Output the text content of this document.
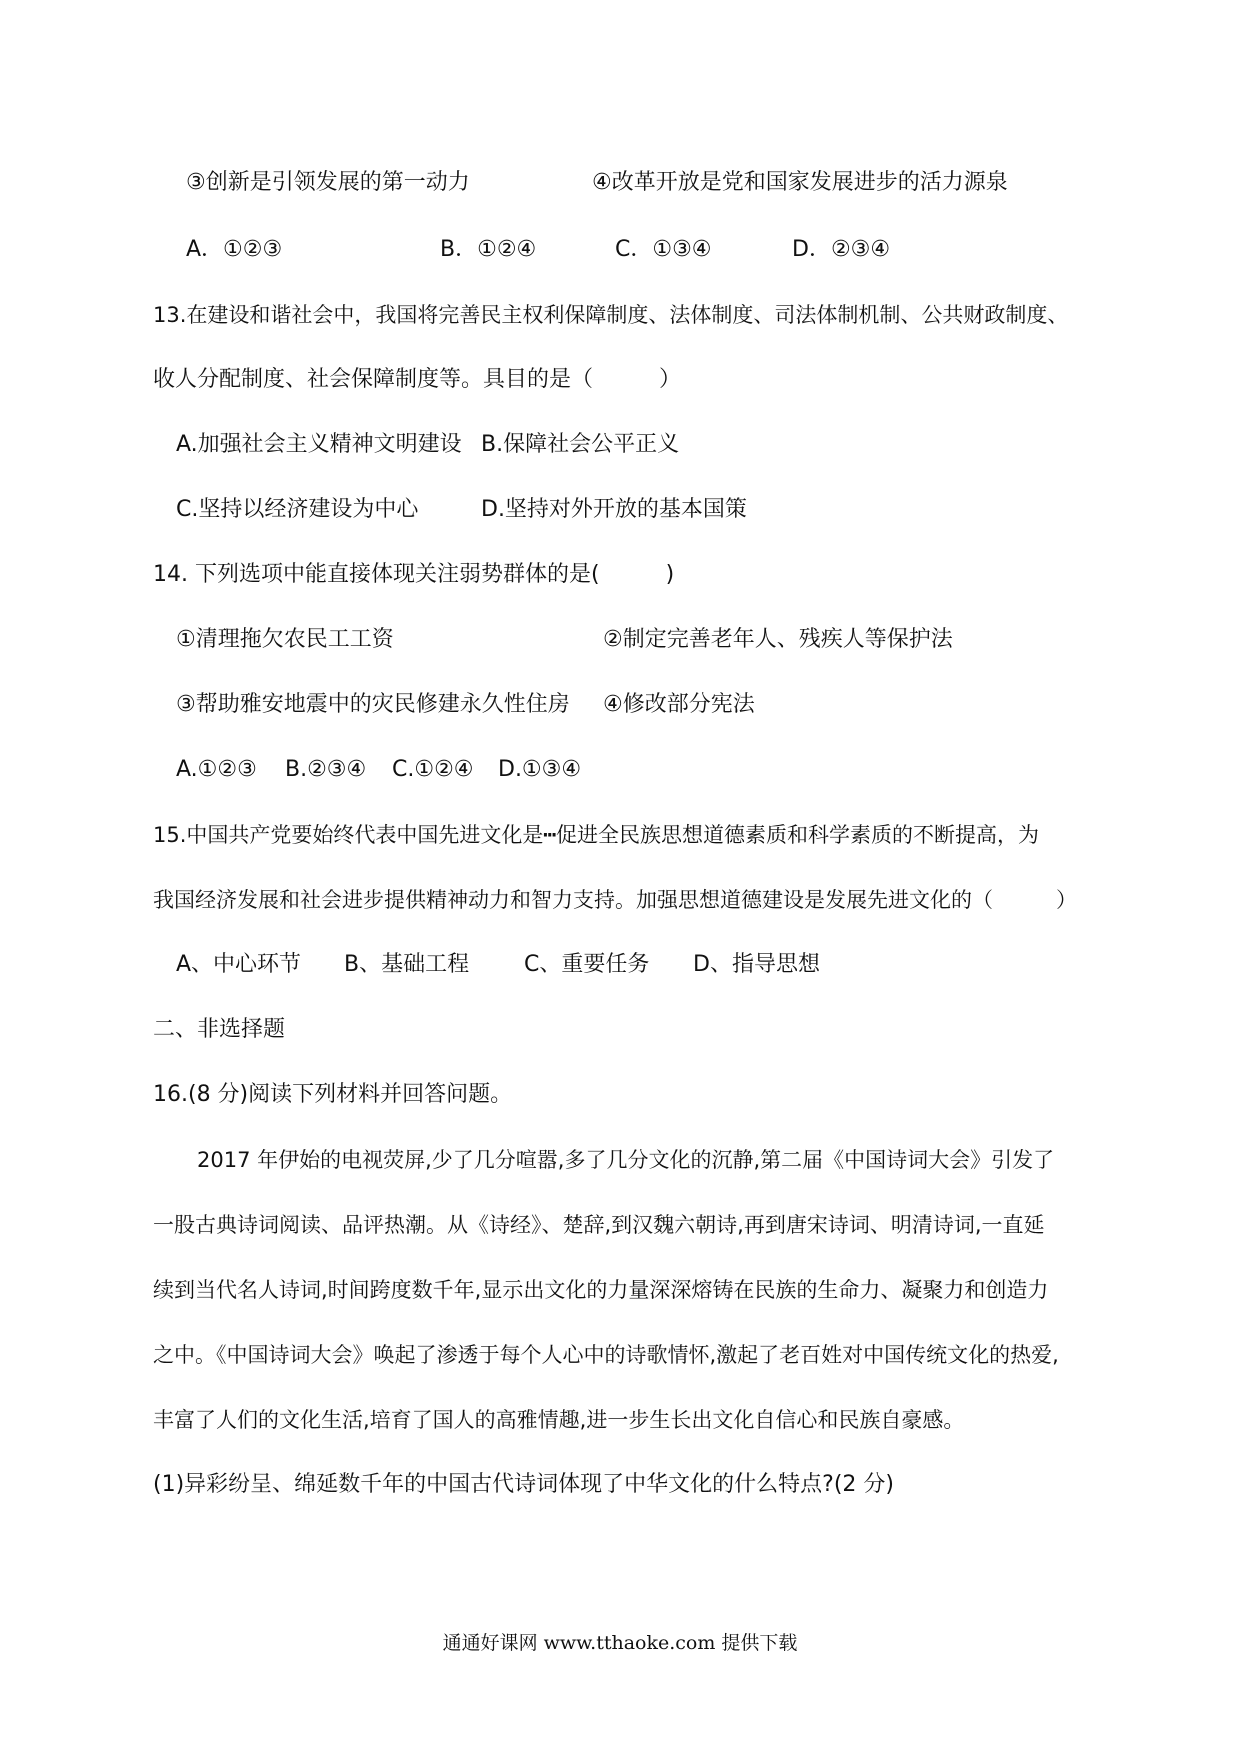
③创新是引领发展的第一动力	④改革开放是党和国家发展进步的活力源泉
A．①②③	B．①②④	C．①③④	D．②③④
13.在建设和谐社会中，我国将完善民主权利保障制度、法体制度、司法体制机制、公共财政制度、
收人分配制度、社会保障制度等。具目的是（　　　）
A.加强社会主义精神文明建设 B.保障社会公平正义
C.坚持以经济建设为中心	D.坚持对外开放的基本国策
14. 下列选项中能直接体现关注弱势群体的是(　　　)
①清理拖欠农民工工资	②制定完善老年人、残疾人等保护法
③帮助雅安地震中的灾民修建永久性住房 ④修改部分宪法
A.①②③ B.②③④ C.①②④ D.①③④
15.中国共产党要始终代表中国先进文化是┅促进全民族思想道德素质和科学素质的不断提高，为
我国经济发展和社会进步提供精神动力和智力支持。加强思想道德建设是发展先进文化的（　　　）
A、中心环节 B、基础工程 C、重要任务 D、指导思想
二、非选择题
16.(8 分)阅读下列材料并回答问题。
2017 年伊始的电视荧屏,少了几分喧嚣,多了几分文化的沉静,第二届《中国诗词大会》引发了
一股古典诗词阅读、品评热潮。从《诗经》、楚辞,到汉魏六朝诗,再到唐宋诗词、明清诗词,一直延
续到当代名人诗词,时间跨度数千年,显示出文化的力量深深熔铸在民族的生命力、凝聚力和创造力
之中。《中国诗词大会》唤起了渗透于每个人心中的诗歌情怀,激起了老百姓对中国传统文化的热爱,
丰富了人们的文化生活,培育了国人的高雅情趣,进一步生长出文化自信心和民族自豪感。
(1)异彩纷呈、绵延数千年的中国古代诗词体现了中华文化的什么特点?(2 分)
通通好课网 www.tthaoke.com 提供下载
